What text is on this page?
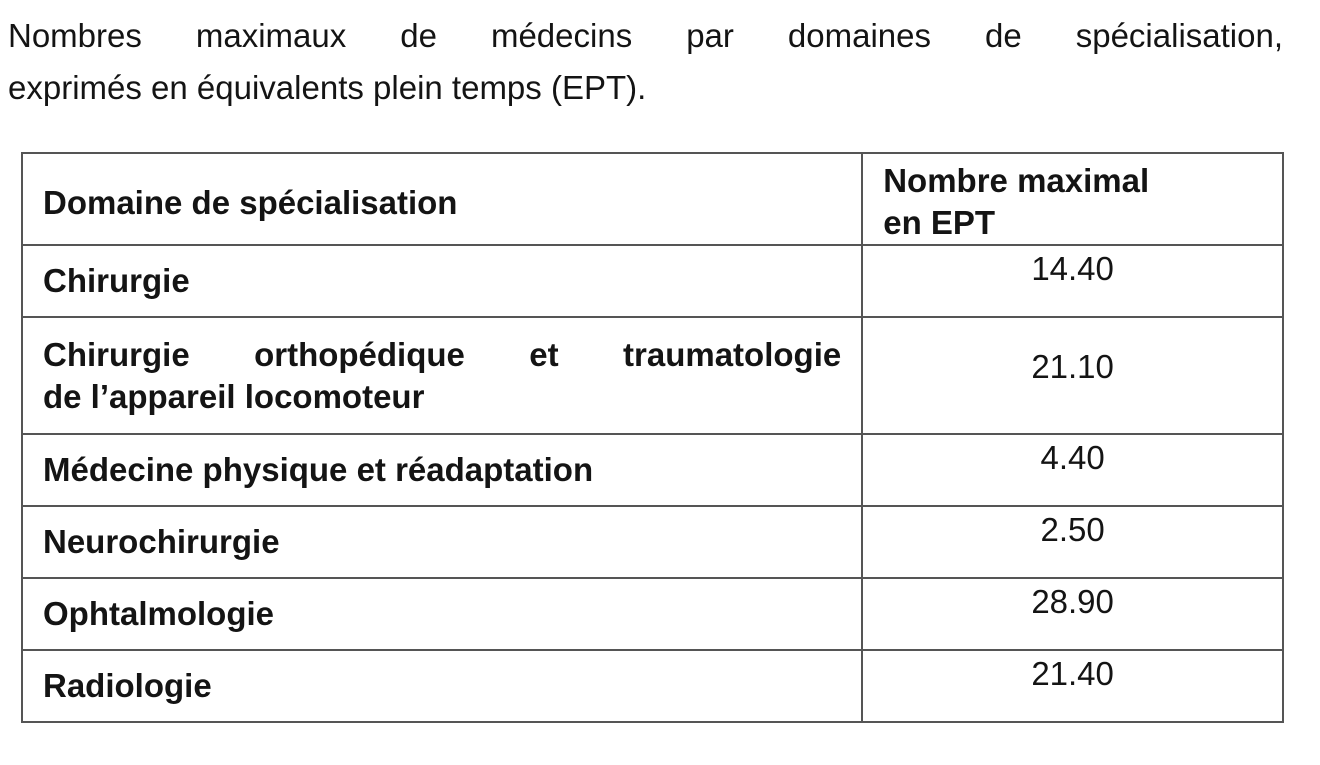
Nombres maximaux de médecins par domaines de spécialisation,
exprimés en équivalents plein temps (EPT).

Domaine de spécialisation	Nombre maximal
en EPT

Chirurgie	14.40

Chirurgie orthopédique et traumatologie
de l’appareil locomoteur	21.10
Médecine physique et réadaptation	4.40
Neurochirurgie	2.50
Ophtalmologie	28.90
Radiologie	21.40
